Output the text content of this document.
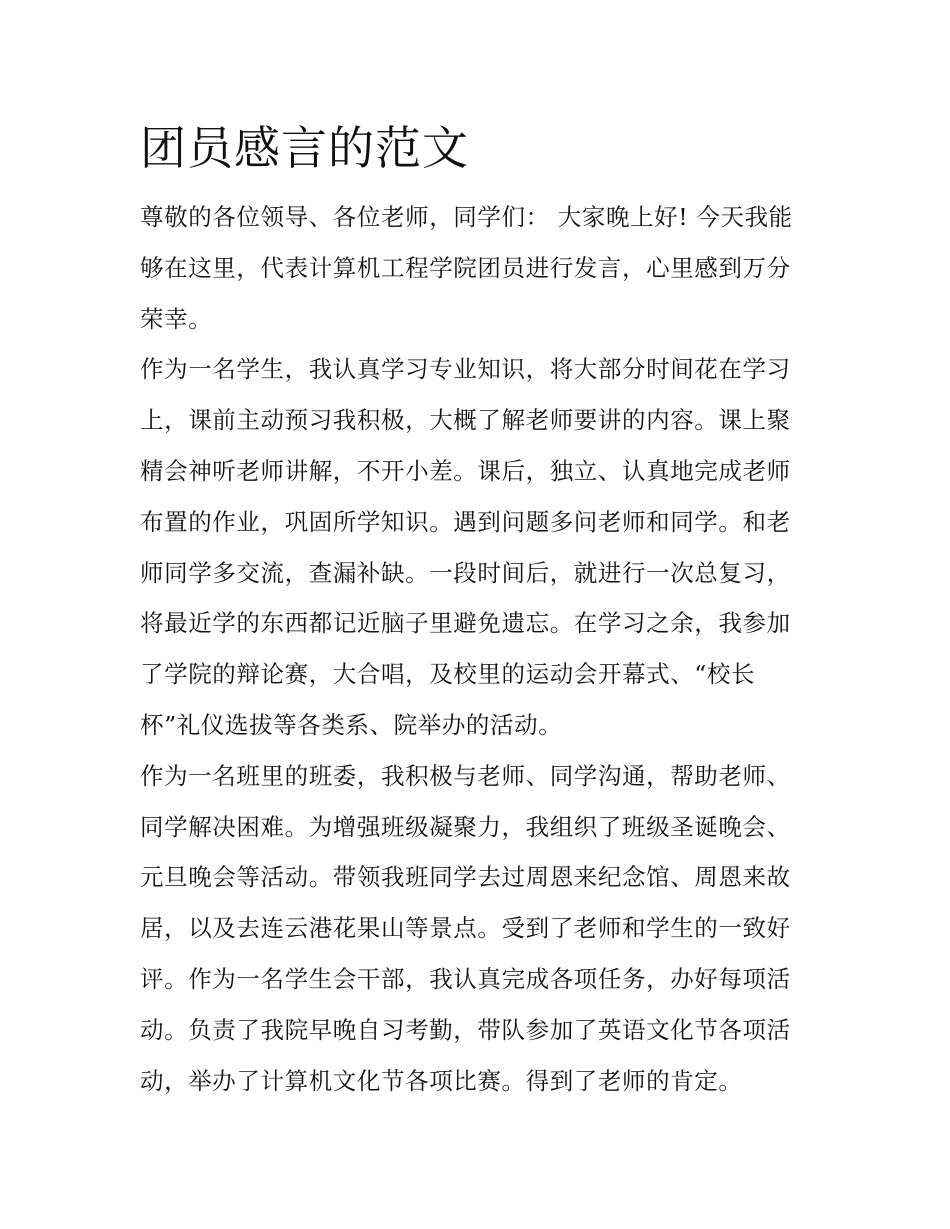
团员感言的范文

尊敬的各位领导、各位老师，同学们： 大家晚上好! 今天我能
够在这里，代表计算机工程学院团员进行发言，心里感到万分
荣幸。

作为一名学生，我认真学习专业知识，将大部分时间花在学习
上，课前主动预习我积极，大概了解老师要讲的内容。课上聚
精会神听老师讲解，不开小差。课后，独立、认真地完成老师
布置的作业，巩固所学知识。遇到问题多问老师和同学。和老
师同学多交流，查漏补缺。一段时间后，就进行一次总复习，
将最近学的东西都记近脑子里避免遗忘。在学习之余，我参加
了学院的辩论赛，大合唱，及校里的运动会开幕式、“校长
杯”礼仪选拔等各类系、院举办的活动。

作为一名班里的班委，我积极与老师、同学沟通，帮助老师、
同学解决困难。为增强班级凝聚力，我组织了班级圣诞晚会、
元旦晚会等活动。带领我班同学去过周恩来纪念馆、周恩来故
居，以及去连云港花果山等景点。受到了老师和学生的一致好
评。作为一名学生会干部，我认真完成各项任务，办好每项活
动。负责了我院早晚自习考勤，带队参加了英语文化节各项活
动，举办了计算机文化节各项比赛。得到了老师的肯定。
